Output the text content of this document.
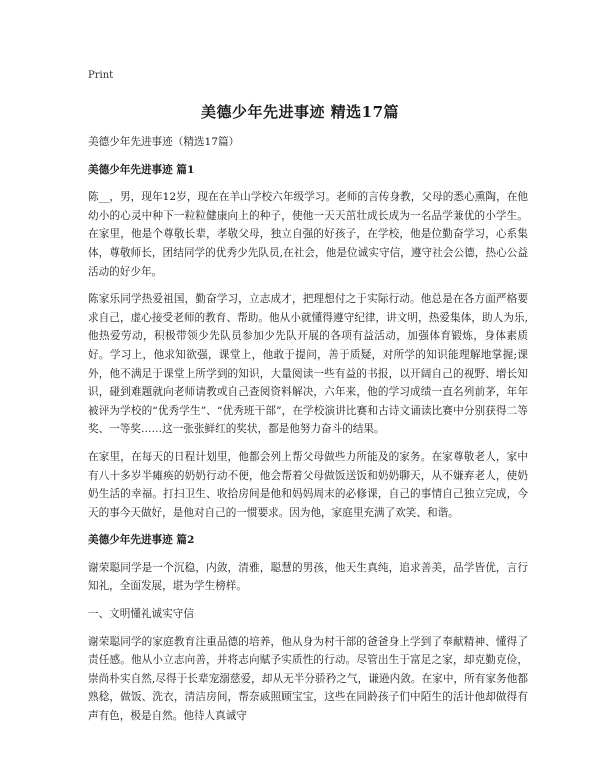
Print
美德少年先进事迹 精选17篇
美德少年先进事迹（精选17篇）
美德少年先进事迹 篇1

陈__，男，现年12岁，现在在羊山学校六年级学习。老师的言传身教，父母的悉心熏陶，在他幼小的心灵中种下一粒粒健康向上的种子，使他一天天茁壮成长成为一名品学兼优的小学生。在家里，他是个尊敬长辈，孝敬父母，独立自强的好孩子，在学校，他是位勤奋学习，心系集体，尊敬师长，团结同学的优秀少先队员,在社会，他是位诚实守信，遵守社会公德，热心公益活动的好少年。

陈家乐同学热爱祖国，勤奋学习，立志成才，把理想付之于实际行动。他总是在各方面严格要求自己，虚心接受老师的教育、帮助。他从小就懂得遵守纪律，讲文明，热爱集体，助人为乐,他热爱劳动，积极带领少先队员参加少先队开展的各项有益活动，加强体育锻炼，身体素质好。学习上，他求知欲强，课堂上，他敢于提问，善于质疑，对所学的知识能理解地掌握;课外，他不满足于课堂上所学到的知识，大量阅读一些有益的书报，以开阔自己的视野、增长知识，碰到难题就向老师请教或自己查阅资料解决，六年来，他的学习成绩一直名列前茅，年年被评为学校的“优秀学生”、“优秀班干部”，在学校演讲比赛和古诗文诵读比赛中分别获得二等奖、一等奖……这一张张鲜红的奖状，都是他努力奋斗的结果。

在家里，在每天的日程计划里，他都会列上帮父母做些力所能及的家务。在家尊敬老人，家中有八十多岁半瘫痪的奶奶行动不便，他会帮着父母做饭送饭和奶奶聊天，从不嫌弃老人，使奶奶生活的幸福。打扫卫生、收拾房间是他和妈妈周末的必修课，自己的事情自己独立完成，今天的事今天做好，是他对自己的一惯要求。因为他，家庭里充满了欢笑、和谐。

美德少年先进事迹 篇2

谢荣聪同学是一个沉稳，内敛，清雅，聪慧的男孩，他天生真纯，追求善美，品学皆优，言行知礼，全面发展，堪为学生榜样。

一、文明懂礼诚实守信

谢荣聪同学的家庭教育注重品德的培养，他从身为村干部的爸爸身上学到了奉献精神、懂得了责任感。他从小立志向善，并将志向赋予实质性的行动。尽管出生于富足之家，却克勤克俭，崇尚朴实自然,尽得于长辈宠溺慈爱，却从无半分骄矜之气，谦逊内敛。在家中，所有家务他都熟稔，做饭、洗衣，清洁房间，帮奈戚照顾宝宝，这些在同龄孩子们中陌生的活计他却做得有声有色，极是自然。他待人真诚守
